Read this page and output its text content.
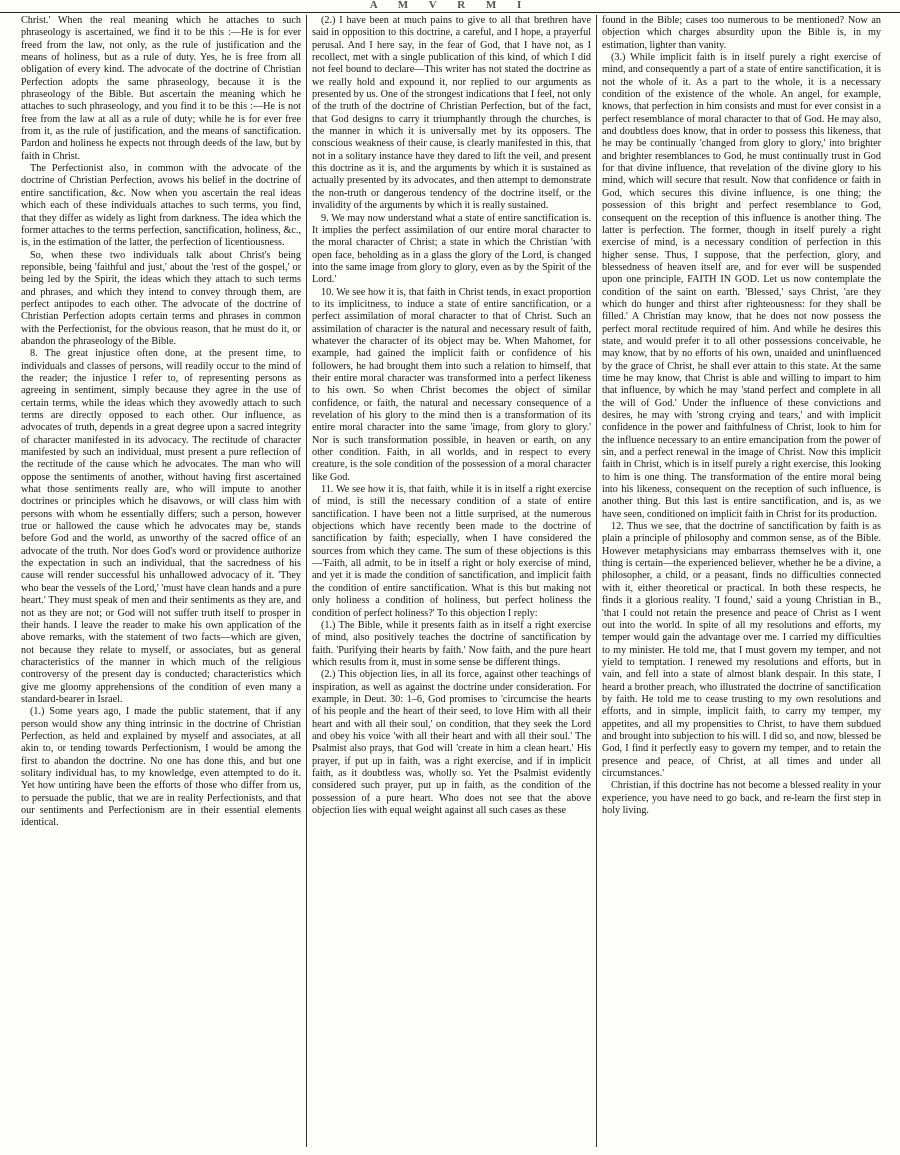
A M V R M I

Christ.' When the real meaning which he attaches to such phraseology is ascertained, we find it to be this :—He is for ever freed from the law, not only, as the rule of justification and the means of holiness, but as a rule of duty. Yes, he is free from all obligation of every kind. The advocate of the doctrine of Christian Perfection adopts the same phraseology, because it is the phraseology of the Bible. But ascertain the meaning which he attaches to such phraseology, and you find it to be this :—He is not free from the law at all as a rule of duty; while he is for ever free from it, as the rule of justification, and the means of sanctification. Pardon and holiness he expects not through deeds of the law, but by faith in Christ.

The Perfectionist also, in common with the advocate of the doctrine of Christian Perfection, avows his belief in the doctrine of entire sanctification, &c. Now when you ascertain the real ideas which each of these individuals attaches to such terms, you find, that they differ as widely as light from darkness. The idea which the former attaches to the terms perfection, sanctification, holiness, &c., is, in the estimation of the latter, the perfection of licentiousness.

So, when these two individuals talk about Christ's being reponsible, being 'faithful and just,' about the 'rest of the gospel,' or being led by the Spirit, the ideas which they attach to such terms and phrases, and which they intend to convey through them, are perfect antipodes to each other. The advocate of the doctrine of Christian Perfection adopts certain terms and phrases in common with the Perfectionist, for the obvious reason, that he must do it, or abandon the phraseology of the Bible.

8. The great injustice often done, at the present time, to individuals and classes of persons, will readily occur to the mind of the reader; the injustice I refer to, of representing persons as agreeing in sentiment, simply because they agree in the use of certain terms, while the ideas which they avowedly attach to such terms are directly opposed to each other. Our influence, as advocates of truth, depends in a great degree upon a sacred integrity of character manifested in its advocacy. The rectitude of character manifested by such an individual, must present a pure reflection of the rectitude of the cause which he advocates. The man who will oppose the sentiments of another, without having first ascertained what those sentiments really are, who will impute to another doctrines or principles which he disavows, or will class him with persons with whom he essentially differs; such a person, however true or hallowed the cause which he advocates may be, stands before God and the world, as unworthy of the sacred office of an advocate of the truth. Nor does God's word or providence authorize the expectation in such an individual, that the sacredness of his cause will render successful his unhallowed advocacy of it. 'They who bear the vessels of the Lord,' 'must have clean hands and a pure heart.' They must speak of men and their sentiments as they are, and not as they are not; or God will not suffer truth itself to prosper in their hands. I leave the reader to make his own application of the above remarks, with the statement of two facts—which are given, not because they relate to myself, or associates, but as general characteristics of the manner in which much of the religious controversy of the present day is conducted; characteristics which give me gloomy apprehensions of the condition of even many a standard-bearer in Israel.

(1.) Some years ago, I made the public statement, that if any person would show any thing intrinsic in the doctrine of Christian Perfection, as held and explained by myself and associates, at all akin to, or tending towards Perfectionism, I would be among the first to abandon the doctrine. No one has done this, and but one solitary individual has, to my knowledge, even attempted to do it. Yet how untiring have been the efforts of those who differ from us, to persuade the public, that we are in reality Perfectionists, and that our sentiments and Perfectionism are in their essential elements identical.

(2.) I have been at much pains to give to all that brethren have said in opposition to this doctrine, a careful, and I hope, a prayerful perusal. And I here say, in the fear of God, that I have not, as I recollect, met with a single publication of this kind, of which I did not feel bound to declare—This writer has not stated the doctrine as we really hold and expound it, nor replied to our arguments as presented by us. One of the strongest indications that I feel, not only of the truth of the doctrine of Christian Perfection, but of the fact, that God designs to carry it triumphantly through the churches, is the manner in which it is universally met by its opposers. The conscious weakness of their cause, is clearly manifested in this, that not in a solitary instance have they dared to lift the veil, and present this doctrine as it is, and the arguments by which it is sustained as actually presented by its advocates, and then attempt to demonstrate the non-truth or dangerous tendency of the doctrine itself, or the invalidity of the arguments by which it is really sustained.

9. We may now understand what a state of entire sanctification is. It implies the perfect assimilation of our entire moral character to the moral character of Christ; a state in which the Christian 'with open face, beholding as in a glass the glory of the Lord, is changed into the same image from glory to glory, even as by the Spirit of the Lord.'

10. We see how it is, that faith in Christ tends, in exact proportion to its implicitness, to induce a state of entire sanctification, or a perfect assimilation of moral character to that of Christ. Such an assimilation of character is the natural and necessary result of faith, whatever the character of its object may be. When Mahomet, for example, had gained the implicit faith or confidence of his followers, he had brought them into such a relation to himself, that their entire moral character was transformed into a perfect likeness to his own. So when Christ becomes the object of similar confidence, or faith, the natural and necessary consequence of a revelation of his glory to the mind then is a transformation of its entire moral character into the same 'image, from glory to glory.' Nor is such transformation possible, in heaven or earth, on any other condition. Faith, in all worlds, and in respect to every creature, is the sole condition of the possession of a moral character like God.

11. We see how it is, that faith, while it is in itself a right exercise of mind, is still the necessary condition of a state of entire sanctification. I have been not a little surprised, at the numerous objections which have recently been made to the doctrine of sanctification by faith; especially, when I have considered the sources from which they came. The sum of these objections is this—'Faith, all admit, to be in itself a right or holy exercise of mind, and yet it is made the condition of sanctification, and implicit faith the condition of entire sanctification. What is this but making not only holiness a condition of holiness, but perfect holiness the condition of perfect holiness?' To this objection I reply:

(1.) The Bible, while it presents faith as in itself a right exercise of mind, also positively teaches the doctrine of sanctification by faith. 'Purifying their hearts by faith.' Now faith, and the pure heart which results from it, must in some sense be different things.

(2.) This objection lies, in all its force, against other teachings of inspiration, as well as against the doctrine under consideration. For example, in Deut. 30: 1–6, God promises to 'circumcise the hearts of his people and the heart of their seed, to love Him with all their heart and with all their soul,' on condition, that they seek the Lord and obey his voice 'with all their heart and with all their soul.' The Psalmist also prays, that God will 'create in him a clean heart.' His prayer, if put up in faith, was a right exercise, and if in implicit faith, as it doubtless was, wholly so. Yet the Psalmist evidently considered such prayer, put up in faith, as the condition of the possession of a pure heart. Who does not see that the above objection lies with equal weight against all such cases as these

found in the Bible; cases too numerous to be mentioned? Now an objection which charges absurdity upon the Bible is, in my estimation, lighter than vanity.

(3.) While implicit faith is in itself purely a right exercise of mind, and consequently a part of a state of entire sanctification, it is not the whole of it. As a part to the whole, it is a necessary condition of the existence of the whole. An angel, for example, knows, that perfection in him consists and must for ever consist in a perfect resemblance of moral character to that of God. He may also, and doubtless does know, that in order to possess this likeness, that he may be continually 'changed from glory to glory,' into brighter and brighter resemblances to God, he must continually trust in God for that divine influence, that revelation of the divine glory to his mind, which will secure that result. Now that confidence or faith in God, which secures this divine influence, is one thing; the possession of this bright and perfect resemblance to God, consequent on the reception of this influence is another thing. The latter is perfection. The former, though in itself purely a right exercise of mind, is a necessary condition of perfection in this higher sense. Thus, I suppose, that the perfection, glory, and blessedness of heaven itself are, and for ever will be suspended upon one principle, FAITH IN GOD. Let us now contemplate the condition of the saint on earth. 'Blessed,' says Christ, 'are they which do hunger and thirst after righteousness: for they shall be filled.' A Christian may know, that he does not now possess the perfect moral rectitude required of him. And while he desires this state, and would prefer it to all other possessions conceivable, he may know, that by no efforts of his own, unaided and uninfluenced by the grace of Christ, he shall ever attain to this state. At the same time he may know, that Christ is able and willing to impart to him that influence, by which he may 'stand perfect and complete in all the will of God.' Under the influence of these convictions and desires, he may with 'strong crying and tears,' and with implicit confidence in the power and faithfulness of Christ, look to him for the influence necessary to an entire emancipation from the power of sin, and a perfect renewal in the image of Christ. Now this implicit faith in Christ, which is in itself purely a right exercise, this looking to him is one thing. The transformation of the entire moral being into his likeness, consequent on the reception of such influence, is another thing. But this last is entire sanctification, and is, as we have seen, conditioned on implicit faith in Christ for its production.

12. Thus we see, that the doctrine of sanctification by faith is as plain a principle of philosophy and common sense, as of the Bible. However metaphysicians may embarrass themselves with it, one thing is certain—the experienced believer, whether he be a divine, a philosopher, a child, or a peasant, finds no difficulties connected with it, either theoretical or practical. In both these respects, he finds it a glorious reality. 'I found,' said a young Christian in B., 'that I could not retain the presence and peace of Christ as I went out into the world. In spite of all my resolutions and efforts, my temper would gain the advantage over me. I carried my difficulties to my minister. He told me, that I must govern my temper, and not yield to temptation. I renewed my resolutions and efforts, but in vain, and fell into a state of almost blank despair. In this state, I heard a brother preach, who illustrated the doctrine of sanctification by faith. He told me to cease trusting to my own resolutions and efforts, and in simple, implicit faith, to carry my temper, my appetites, and all my propensities to Christ, to have them subdued and brought into subjection to his will. I did so, and now, blessed be God, I find it perfectly easy to govern my temper, and to retain the presence and peace, of Christ, at all times and under all circumstances.'

Christian, if this doctrine has not become a blessed reality in your experience, you have need to go back, and re-learn the first step in holy living.
